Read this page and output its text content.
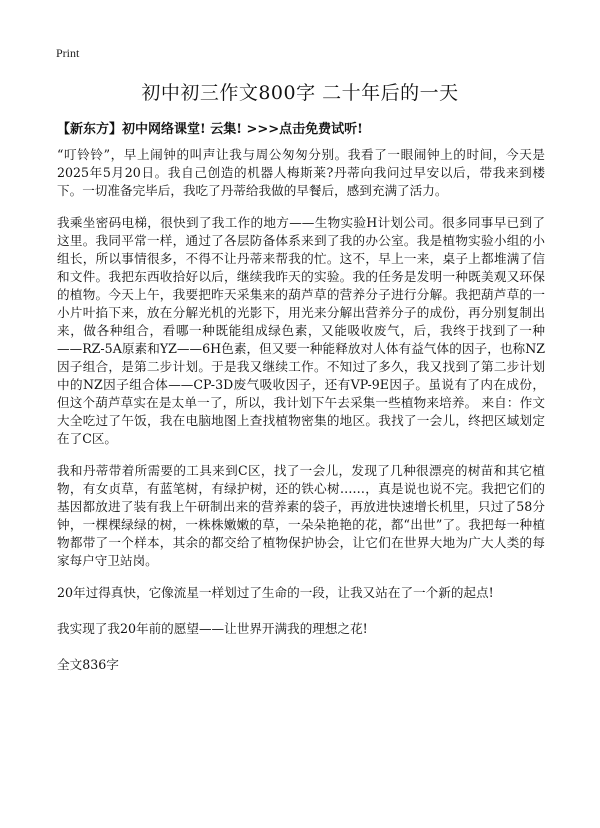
Print
初中初三作文800字 二十年后的一天
【新东方】初中网络课堂! 云集! >>>点击免费试听!

“叮铃铃”，早上闹钟的叫声让我与周公匆匆分别。我看了一眼闹钟上的时间，今天是2025年5月20日。我自己创造的机器人梅斯莱?丹蒂向我问过早安以后，带我来到楼下。一切准备完毕后，我吃了丹蒂给我做的早餐后，感到充满了活力。

我乘坐密码电梯，很快到了我工作的地方——生物实验H计划公司。很多同事早已到了这里。我同平常一样，通过了各层防备体系来到了我的办公室。我是植物实验小组的小组长，所以事情很多，不得不让丹蒂来帮我的忙。这不，早上一来，桌子上都堆满了信和文件。我把东西收拾好以后，继续我昨天的实验。我的任务是发明一种既美观又环保的植物。今天上午，我要把昨天采集来的葫芦草的营养分子进行分解。我把葫芦草的一小片叶掐下来，放在分解光机的光影下，用光来分解出营养分子的成份，再分别复制出来，做各种组合，看哪一种既能组成绿色素，又能吸收废气，后，我终于找到了一种——RZ-5A原素和YZ——6H色素，但又要一种能释放对人体有益气体的因子，也称NZ因子组合，是第二步计划。于是我又继续工作。不知过了多久，我又找到了第二步计划中的NZ因子组合体——CP-3D废气吸收因子，还有VP-9E因子。虽说有了内在成份，但这个葫芦草实在是太单一了，所以，我计划下午去采集一些植物来培养。 来自：作文大全吃过了午饭，我在电脑地图上查找植物密集的地区。我找了一会儿，终把区域划定在了C区。

我和丹蒂带着所需要的工具来到C区，找了一会儿，发现了几种很漂亮的树苗和其它植物，有女贞草，有蓝笔树，有绿护树，还的铁心树……，真是说也说不完。我把它们的基因都放进了装有我上午研制出来的营养素的袋子，再放进快速增长机里，只过了58分钟，一棵棵绿绿的树，一株株嫩嫩的草，一朵朵艳艳的花，都“出世”了。我把每一种植物都带了一个样本，其余的都交给了植物保护协会，让它们在世界大地为广大人类的每家每户守卫站岗。

20年过得真快，它像流星一样划过了生命的一段，让我又站在了一个新的起点!

我实现了我20年前的愿望——让世界开满我的理想之花!

全文836字
